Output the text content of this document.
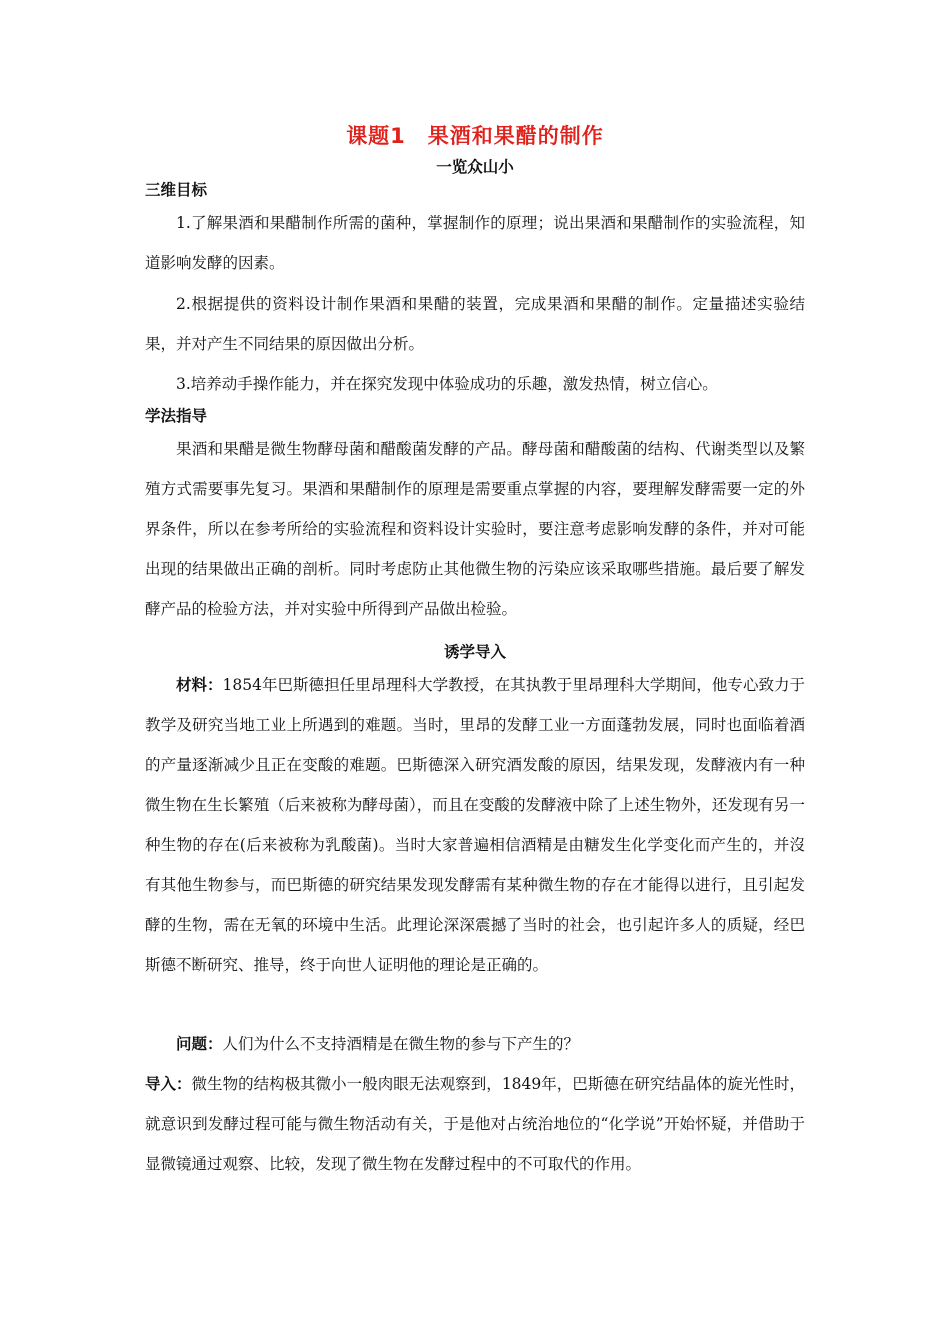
课题1　果酒和果醋的制作
一览众山小
三维目标
1.了解果酒和果醋制作所需的菌种，掌握制作的原理；说出果酒和果醋制作的实验流程，知道影响发酵的因素。
2.根据提供的资料设计制作果酒和果醋的装置，完成果酒和果醋的制作。定量描述实验结果，并对产生不同结果的原因做出分析。
3.培养动手操作能力，并在探究发现中体验成功的乐趣，激发热情，树立信心。
学法指导
果酒和果醋是微生物酵母菌和醋酸菌发酵的产品。酵母菌和醋酸菌的结构、代谢类型以及繁殖方式需要事先复习。果酒和果醋制作的原理是需要重点掌握的内容，要理解发酵需要一定的外界条件，所以在参考所给的实验流程和资料设计实验时，要注意考虑影响发酵的条件，并对可能出现的结果做出正确的剖析。同时考虑防止其他微生物的污染应该采取哪些措施。最后要了解发酵产品的检验方法，并对实验中所得到产品做出检验。
诱学导入
材料：1854年巴斯德担任里昂理科大学教授，在其执教于里昂理科大学期间，他专心致力于教学及研究当地工业上所遇到的难题。当时，里昂的发酵工业一方面蓬勃发展，同时也面临着酒的产量逐渐减少且正在变酸的难题。巴斯德深入研究酒发酸的原因，结果发现，发酵液内有一种微生物在生长繁殖（后来被称为酵母菌），而且在变酸的发酵液中除了上述生物外，还发现有另一种生物的存在(后来被称为乳酸菌)。当时大家普遍相信酒精是由糖发生化学变化而产生的，并沒有其他生物参与，而巴斯德的研究结果发现发酵需有某种微生物的存在才能得以进行，且引起发酵的生物，需在无氧的环境中生活。此理论深深震撼了当时的社会，也引起许多人的质疑，经巴斯德不断研究、推导，终于向世人证明他的理论是正确的。
问题：人们为什么不支持酒精是在微生物的参与下产生的？
导入：微生物的结构极其微小一般肉眼无法观察到，1849年，巴斯德在研究结晶体的旋光性时，就意识到发酵过程可能与微生物活动有关，于是他对占统治地位的“化学说”开始怀疑，并借助于显微镜通过观察、比较，发现了微生物在发酵过程中的不可取代的作用。
